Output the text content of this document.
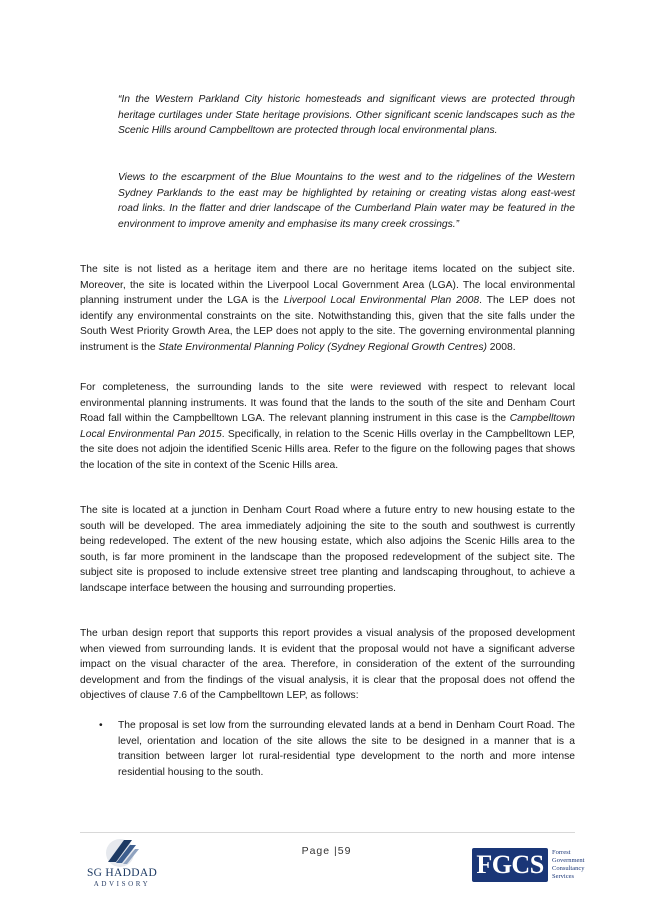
“In the Western Parkland City historic homesteads and significant views are protected through heritage curtilages under State heritage provisions. Other significant scenic landscapes such as the Scenic Hills around Campbelltown are protected through local environmental plans.

Views to the escarpment of the Blue Mountains to the west and to the ridgelines of the Western Sydney Parklands to the east may be highlighted by retaining or creating vistas along east-west road links. In the flatter and drier landscape of the Cumberland Plain water may be featured in the environment to improve amenity and emphasise its many creek crossings.”

The site is not listed as a heritage item and there are no heritage items located on the subject site. Moreover, the site is located within the Liverpool Local Government Area (LGA). The local environmental planning instrument under the LGA is the Liverpool Local Environmental Plan 2008. The LEP does not identify any environmental constraints on the site. Notwithstanding this, given that the site falls under the South West Priority Growth Area, the LEP does not apply to the site. The governing environmental planning instrument is the State Environmental Planning Policy (Sydney Regional Growth Centres) 2008.

For completeness, the surrounding lands to the site were reviewed with respect to relevant local environmental planning instruments. It was found that the lands to the south of the site and Denham Court Road fall within the Campbelltown LGA. The relevant planning instrument in this case is the Campbelltown Local Environmental Pan 2015. Specifically, in relation to the Scenic Hills overlay in the Campbelltown LEP, the site does not adjoin the identified Scenic Hills area. Refer to the figure on the following pages that shows the location of the site in context of the Scenic Hills area.

The site is located at a junction in Denham Court Road where a future entry to new housing estate to the south will be developed. The area immediately adjoining the site to the south and southwest is currently being redeveloped. The extent of the new housing estate, which also adjoins the Scenic Hills area to the south, is far more prominent in the landscape than the proposed redevelopment of the subject site. The subject site is proposed to include extensive street tree planting and landscaping throughout, to achieve a landscape interface between the housing and surrounding properties.

The urban design report that supports this report provides a visual analysis of the proposed development when viewed from surrounding lands. It is evident that the proposal would not have a significant adverse impact on the visual character of the area. Therefore, in consideration of the extent of the surrounding development and from the findings of the visual analysis, it is clear that the proposal does not offend the objectives of clause 7.6 of the Campbelltown LEP, as follows:

• The proposal is set low from the surrounding elevated lands at a bend in Denham Court Road. The level, orientation and location of the site allows the site to be designed in a manner that is a transition between larger lot rural-residential type development to the north and more intense residential housing to the south.

Page |59
SG HADDAD
ADVISORY
FGCS	Forrest
Government
Consultancy
Services
